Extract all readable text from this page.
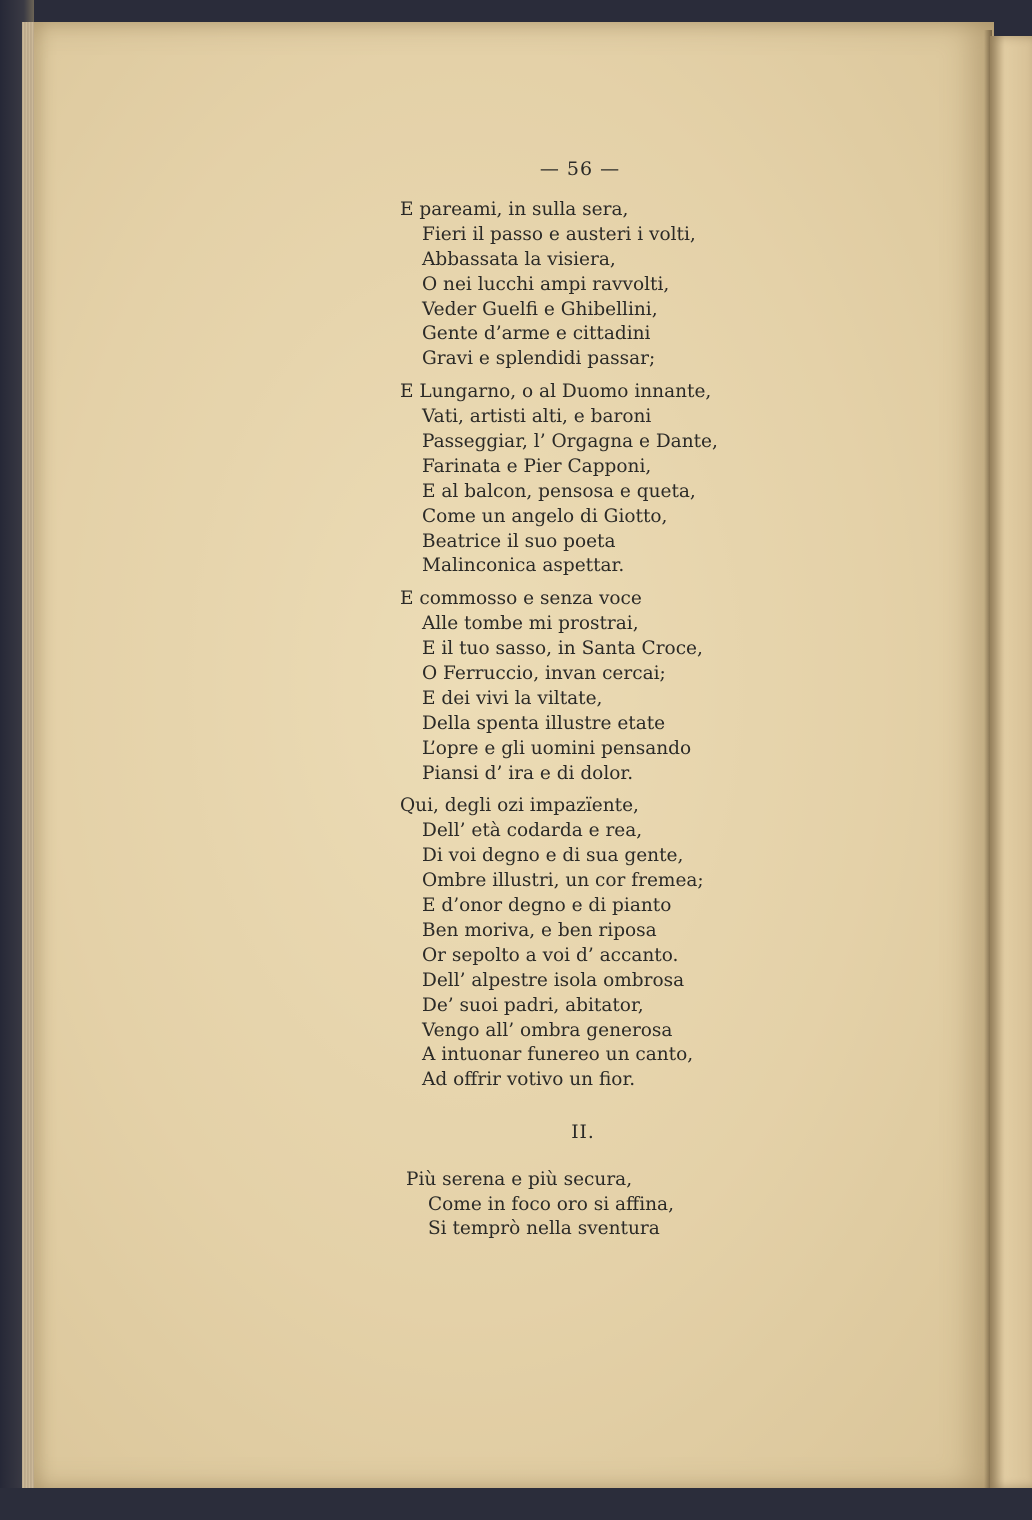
— 56 —
E pareami, in sulla sera,
Fieri il passo e austeri i volti,
Abbassata la visiera,
O nei lucchi ampi ravvolti,
Veder Guelfi e Ghibellini,
Gente d’arme e cittadini
Gravi e splendidi passar;
E Lungarno, o al Duomo innante,
Vati, artisti alti, e baroni
Passeggiar, l’ Orgagna e Dante,
Farinata e Pier Capponi,
E al balcon, pensosa e queta,
Come un angelo di Giotto,
Beatrice il suo poeta
Malinconica aspettar.
E commosso e senza voce
Alle tombe mi prostrai,
E il tuo sasso, in Santa Croce,
O Ferruccio, invan cercai;
E dei vivi la viltate,
Della spenta illustre etate
L’opre e gli uomini pensando
Piansi d’ ira e di dolor.
Qui, degli ozi impazïente,
Dell’ età codarda e rea,
Di voi degno e di sua gente,
Ombre illustri, un cor fremea;
E d’onor degno e di pianto
Ben moriva, e ben riposa
Or sepolto a voi d’ accanto.
Dell’ alpestre isola ombrosa
De’ suoi padri, abitator,
Vengo all’ ombra generosa
A intuonar funereo un canto,
Ad offrir votivo un fior.
II.
Più serena e più secura,
Come in foco oro si affina,
Si temprò nella sventura
